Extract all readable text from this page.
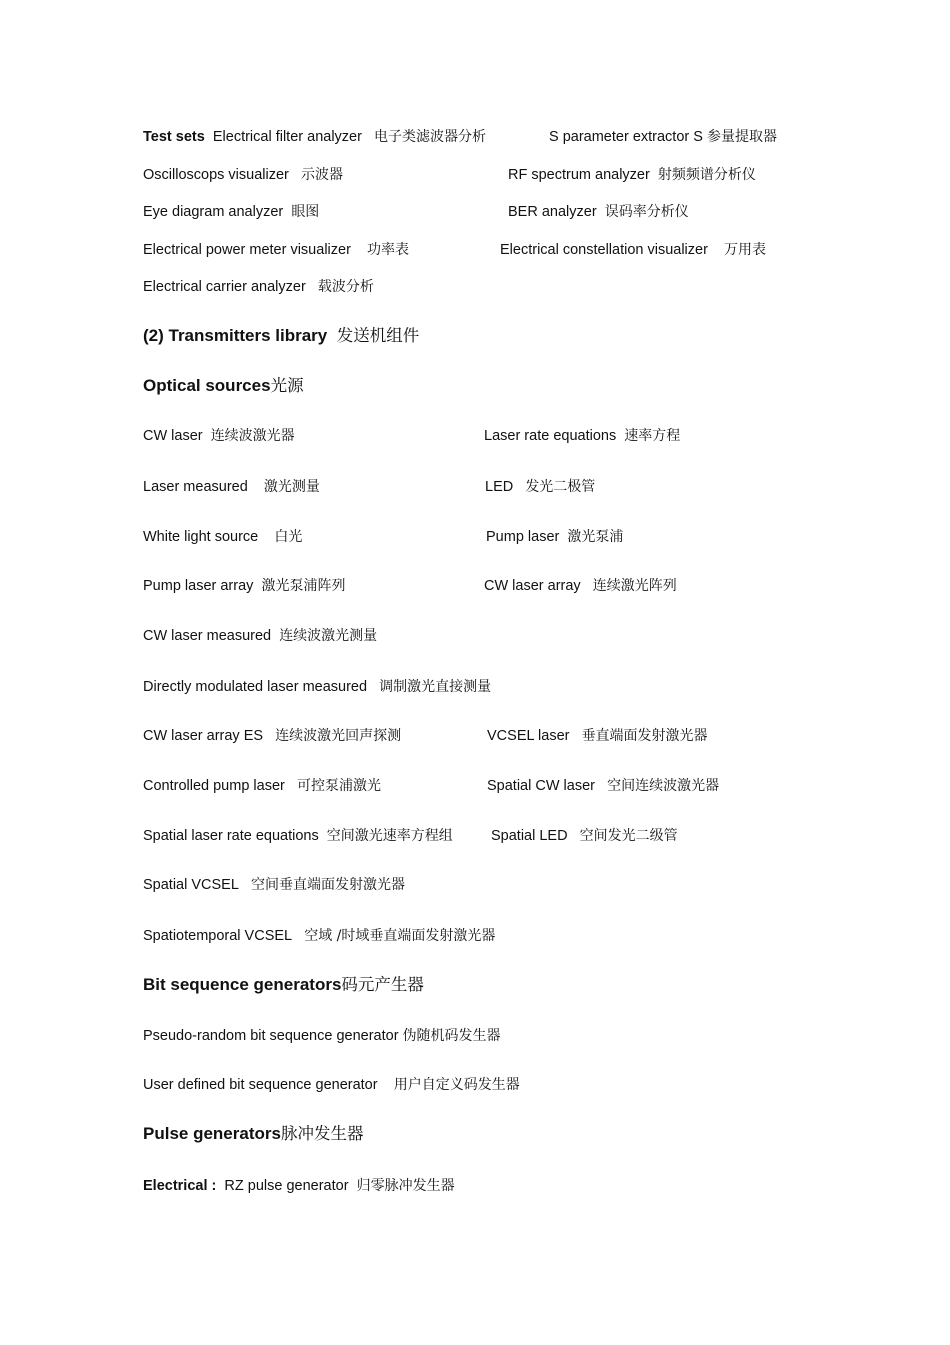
Test sets Electrical filter analyzer 电子类滤波器分析	S parameter extractor S 参量提取器
Oscilloscops visualizer 示波器	RF spectrum analyzer 射频频谱分析仪
Eye diagram analyzer 眼图	BER analyzer 误码率分析仪
Electrical power meter visualizer 功率表	Electrical constellation visualizer 万用表
Electrical carrier analyzer 载波分析
(2) Transmitters library 发送机组件
Optical sources光源
CW laser 连续波激光器	Laser rate equations 速率方程
Laser measured 激光测量	LED 发光二极管
White light source 白光	Pump laser 激光泵浦
Pump laser array 激光泵浦阵列	CW laser array 连续激光阵列
CW laser measured 连续波激光测量
Directly modulated laser measured 调制激光直接测量
CW laser array ES 连续波激光回声探测	VCSEL laser 垂直端面发射激光器
Controlled pump laser 可控泵浦激光	Spatial CW laser 空间连续波激光器
Spatial laser rate equations 空间激光速率方程组	Spatial LED 空间发光二级管
Spatial VCSEL 空间垂直端面发射激光器
Spatiotemporal VCSEL 空域 /时域垂直端面发射激光器
Bit sequence generators码元产生器
Pseudo-random bit sequence generator 伪随机码发生器
User defined bit sequence generator 用户自定义码发生器
Pulse generators脉冲发生器
Electrical : RZ pulse generator 归零脉冲发生器
